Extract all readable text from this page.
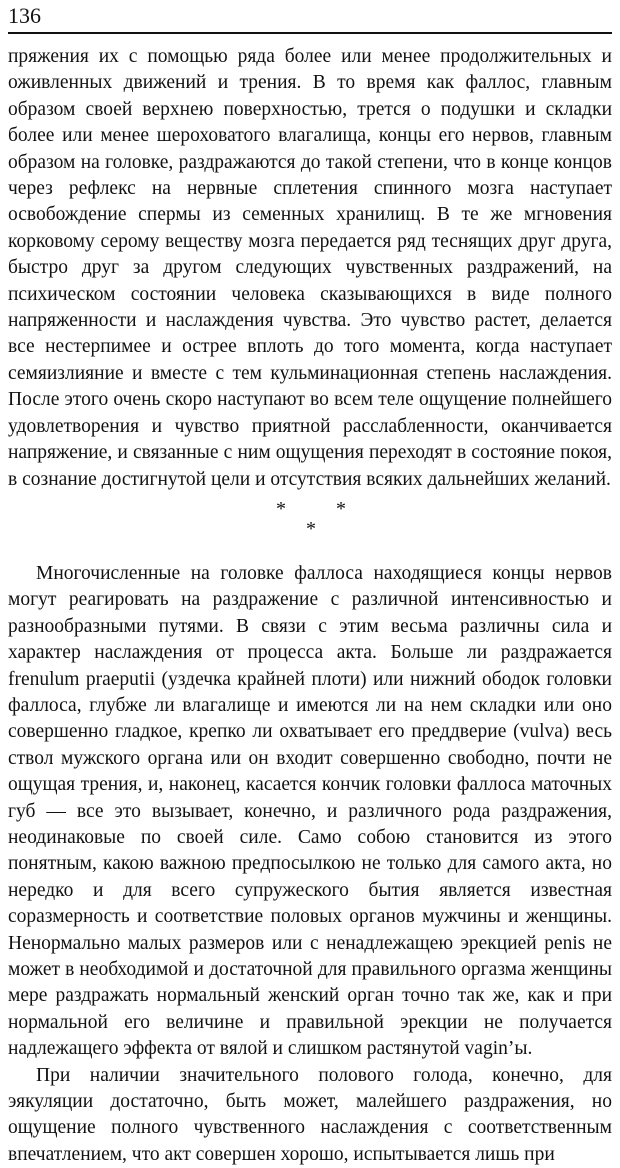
136

пряжения их с помощью ряда более или менее продолжительных и оживленных движений и трения. В то время как фаллос, главным образом своей верхнею поверхностью, трется о подушки и складки более или менее шероховатого влагалища, концы его нервов, главным образом на головке, раздражаются до такой степени, что в конце концов через рефлекс на нервные сплетения спинного мозга наступает освобождение спермы из семенных хранилищ. В те же мгновения корковому серому веществу мозга передается ряд теснящих друг друга, быстро друг за другом следующих чувственных раздражений, на психическом состоянии человека сказывающихся в виде полного напряженности и наслаждения чувства. Это чувство растет, делается все нестерпимее и острее вплоть до того момента, когда наступает семяизлияние и вместе с тем кульминационная степень наслаждения. После этого очень скоро наступают во всем теле ощущение полнейшего удовлетворения и чувство приятной расслабленности, оканчивается напряжение, и связанные с ним ощущения переходят в состояние покоя, в сознание достигнутой цели и отсутствия всяких дальнейших желаний.

*	*
*

Многочисленные на головке фаллоса находящиеся концы нервов могут реагировать на раздражение с различной интенсивностью и разнообразными путями. В связи с этим весьма различны сила и характер наслаждения от процесса акта. Больше ли раздражается frenulum praeputii (уздечка крайней плоти) или нижний ободок головки фаллоса, глубже ли влагалище и имеются ли на нем складки или оно совершенно гладкое, крепко ли охватывает его преддверие (vulva) весь ствол мужского органа или он входит совершенно свободно, почти не ощущая трения, и, наконец, касается кончик головки фаллоса маточных губ — все это вызывает, конечно, и различного рода раздражения, неодинаковые по своей силе. Само собою становится из этого понятным, какою важною предпосылкою не только для самого акта, но нередко и для всего супружеского бытия является известная соразмерность и соответствие половых органов мужчины и женщины. Ненормально малых размеров или с ненадлежащею эрекцией penis не может в необходимой и достаточной для правильного оргазма женщины мере раздражать нормальный женский орган точно так же, как и при нормальной его величине и правильной эрекции не получается надлежащего эффекта от вялой и слишком растянутой vagin’ы.

При наличии значительного полового голода, конечно, для эякуляции достаточно, быть может, малейшего раздражения, но ощущение полного чувственного наслаждения с соответственным впечатлением, что акт совершен хорошо, испытывается лишь при
